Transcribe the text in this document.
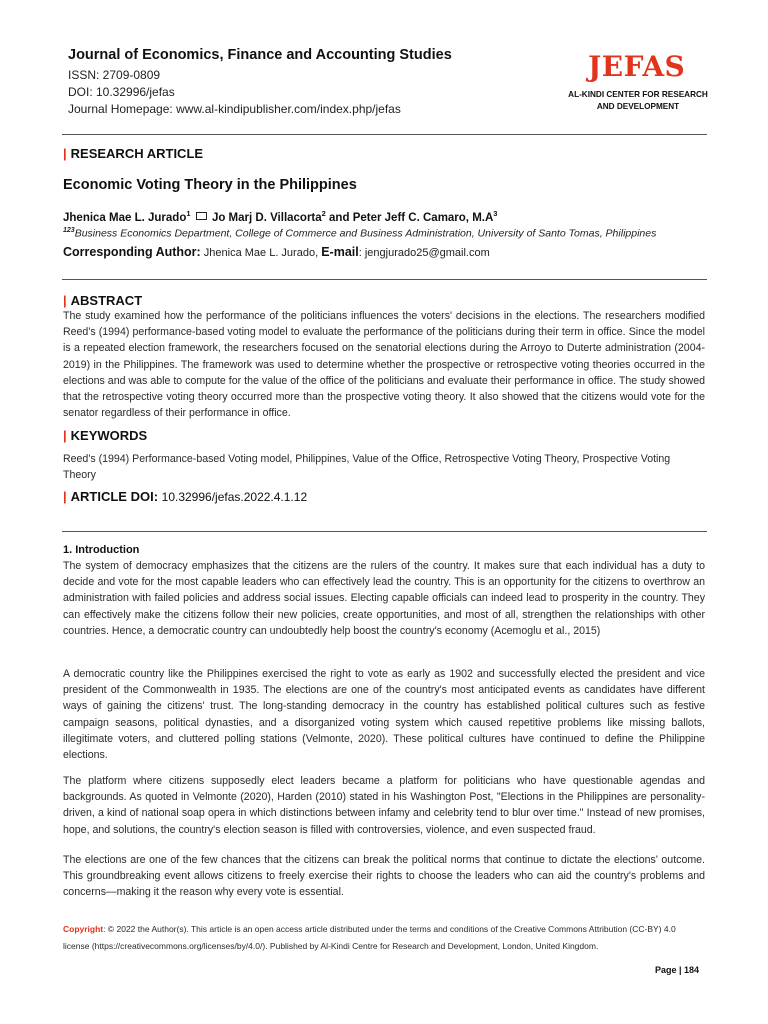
Journal of Economics, Finance and Accounting Studies
ISSN: 2709-0809
DOI: 10.32996/jefas
Journal Homepage: www.al-kindipublisher.com/index.php/jefas
JEFAS
AL-KINDI CENTER FOR RESEARCH
AND DEVELOPMENT
| RESEARCH ARTICLE
Economic Voting Theory in the Philippines
Jhenica Mae L. Jurado$^1$ Jo Marj D. Villacorta$^2$ and Peter Jeff C. Camaro, $M.A^3$
$^{123}$Business Economics Department, College of Commerce and Business Administration, University of Santo Tomas, Philippines
Corresponding Author: Jhenica Mae L. Jurado, E-mail: jengjurado25@gmail.com
| ABSTRACT
The study examined how the performance of the politicians influences the voters' decisions in the elections. The researchers modified Reed's (1994) performance-based voting model to evaluate the performance of the politicians during their term in office. Since the model is a repeated election framework, the researchers focused on the senatorial elections during the Arroyo to Duterte administration (2004-2019) in the Philippines. The framework was used to determine whether the prospective or retrospective voting theories occurred in the elections and was able to compute for the value of the office of the politicians and evaluate their performance in office. The study showed that the retrospective voting theory occurred more than the prospective voting theory. It also showed that the citizens would vote for the senator regardless of their performance in office.
| KEYWORDS
Reed's (1994) Performance-based Voting model, Philippines, Value of the Office, Retrospective Voting Theory, Prospective Voting Theory
| ARTICLE DOI: 10.32996/jefas.2022.4.1.12
1. Introduction
The system of democracy emphasizes that the citizens are the rulers of the country. It makes sure that each individual has a duty to decide and vote for the most capable leaders who can effectively lead the country. This is an opportunity for the citizens to overthrow an administration with failed policies and address social issues. Electing capable officials can indeed lead to prosperity in the country. They can effectively make the citizens follow their new policies, create opportunities, and most of all, strengthen the relationships with other countries. Hence, a democratic country can undoubtedly help boost the country's economy (Acemoglu et al., 2015)
A democratic country like the Philippines exercised the right to vote as early as 1902 and successfully elected the president and vice president of the Commonwealth in 1935. The elections are one of the country's most anticipated events as candidates have different ways of gaining the citizens' trust. The long-standing democracy in the country has established political cultures such as festive campaign seasons, political dynasties, and a disorganized voting system which caused repetitive problems like missing ballots, illegitimate voters, and cluttered polling stations (Velmonte, 2020). These political cultures have continued to define the Philippine elections.
The platform where citizens supposedly elect leaders became a platform for politicians who have questionable agendas and backgrounds. As quoted in Velmonte (2020), Harden (2010) stated in his Washington Post, "Elections in the Philippines are personality-driven, a kind of national soap opera in which distinctions between infamy and celebrity tend to blur over time." Instead of new promises, hope, and solutions, the country's election season is filled with controversies, violence, and even suspected fraud.
The elections are one of the few chances that the citizens can break the political norms that continue to dictate the elections' outcome. This groundbreaking event allows citizens to freely exercise their rights to choose the leaders who can aid the country's problems and concerns—making it the reason why every vote is essential.
Copyright: © 2022 the Author(s). This article is an open access article distributed under the terms and conditions of the Creative Commons Attribution (CC-BY) 4.0 license (https://creativecommons.org/licenses/by/4.0/). Published by Al-Kindi Centre for Research and Development, London, United Kingdom.
Page | 184
